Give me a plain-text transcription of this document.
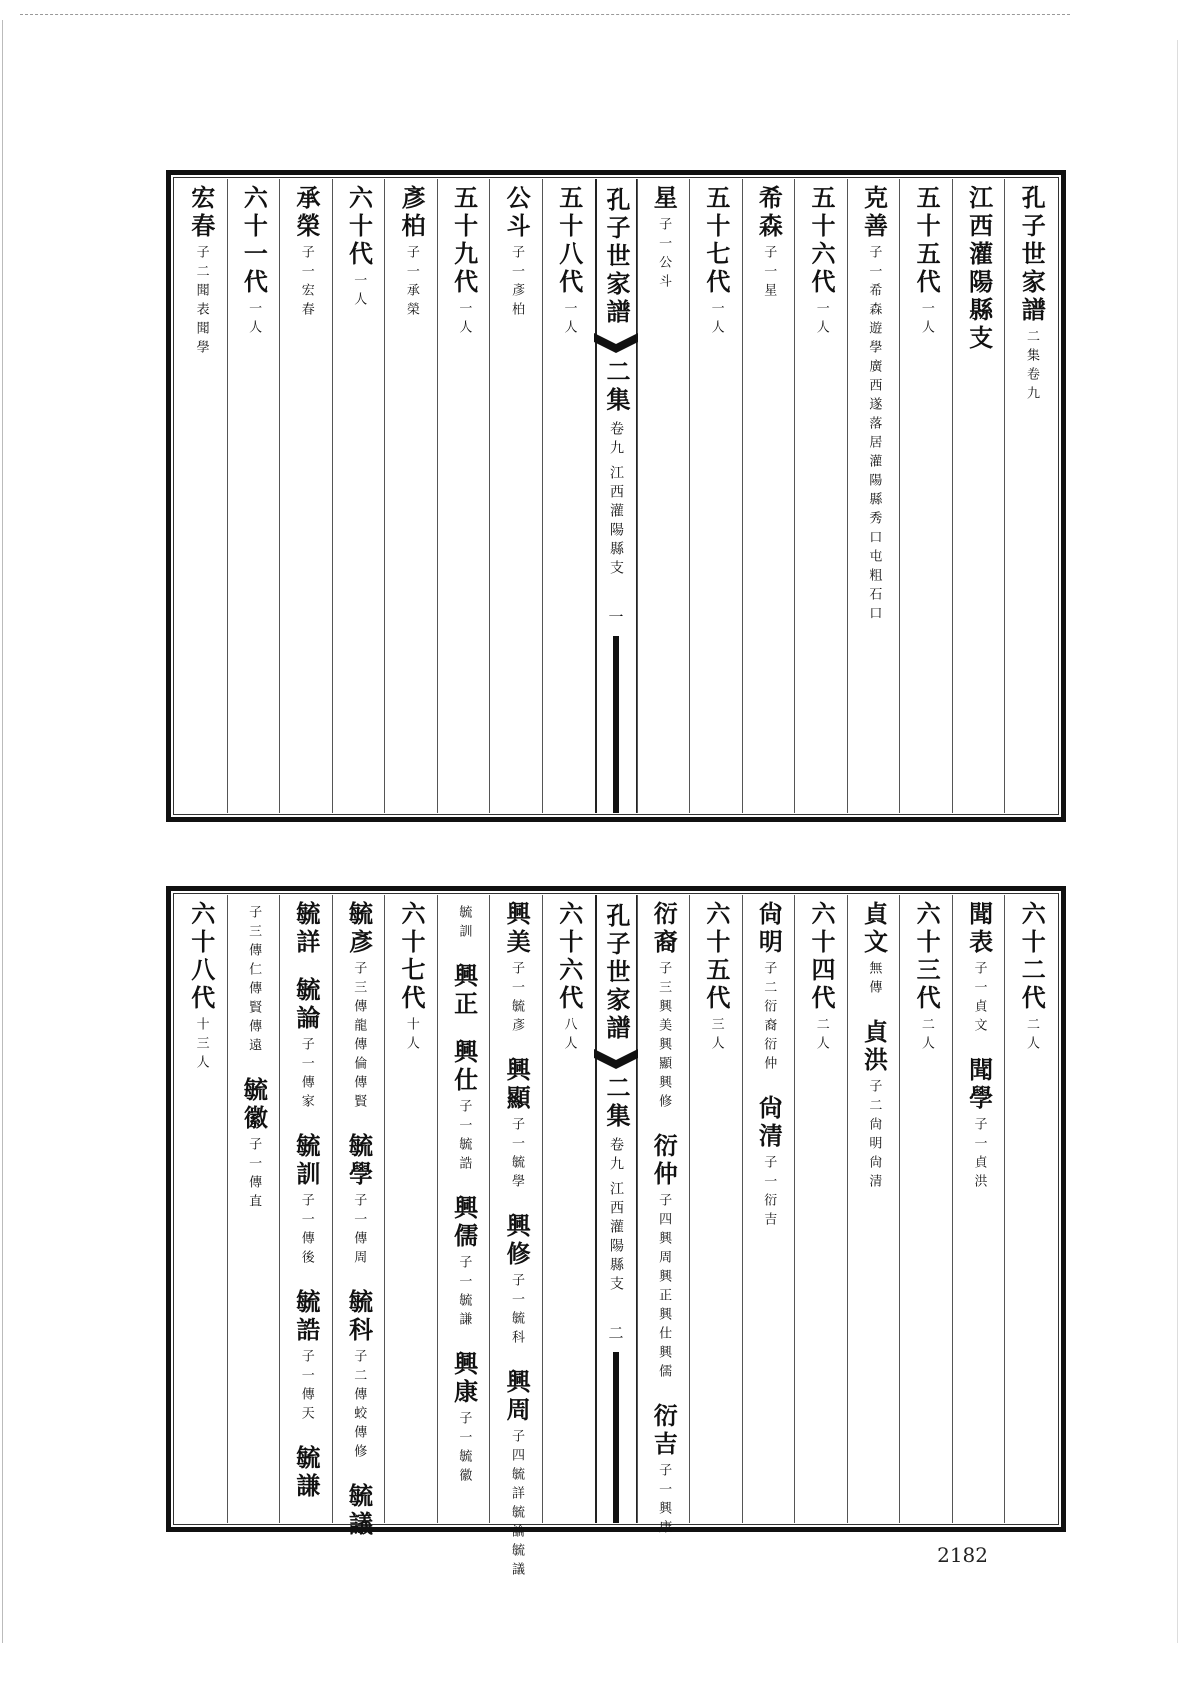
孔子世家譜
二集卷九
江西灌陽縣支
五十五代
一人
克善
子一希森遊學廣西遂落居灌陽縣秀口屯粗石口
五十六代
一人
希森
子一星
五十七代
一人
星
子一公斗
孔子世家譜
二集
卷九
江西灌陽縣支
一
五十八代
一人
公斗
子一彥柏
五十九代
一人
彥柏
子一承榮
六十代
一人
承榮
子一宏春
六十一代
一人
宏春
子二聞表聞學
六十二代
二人
聞表
子一貞文
聞學
子一貞洪
六十三代
二人
貞文
無傳
貞洪
子二尙明尙清
六十四代
二人
尙明
子二衍裔衍仲
尙清
子一衍吉
六十五代
三人
衍裔
子三興美興顯興修
衍仲
子四興周興正興仕興儒
衍吉
子一興康
孔子世家譜
二集
卷九
江西灌陽縣支
二
六十六代
八人
興美
子一毓彥
興顯
子一毓學
興修
子一毓科
興周
子四毓詳毓論毓議
毓訓
興正
興仕
子一毓誥
興儒
子一毓謙
興康
子一毓徽
六十七代
十人
毓彥
子三傳龍傳倫傳賢
毓學
子一傳周
毓科
子二傳蛟傳修
毓議
毓詳
毓論
子一傳家
毓訓
子一傳後
毓誥
子一傳天
毓謙
子三傳仁傳賢傳遠
毓徽
子一傳直
六十八代
十三人
2182
